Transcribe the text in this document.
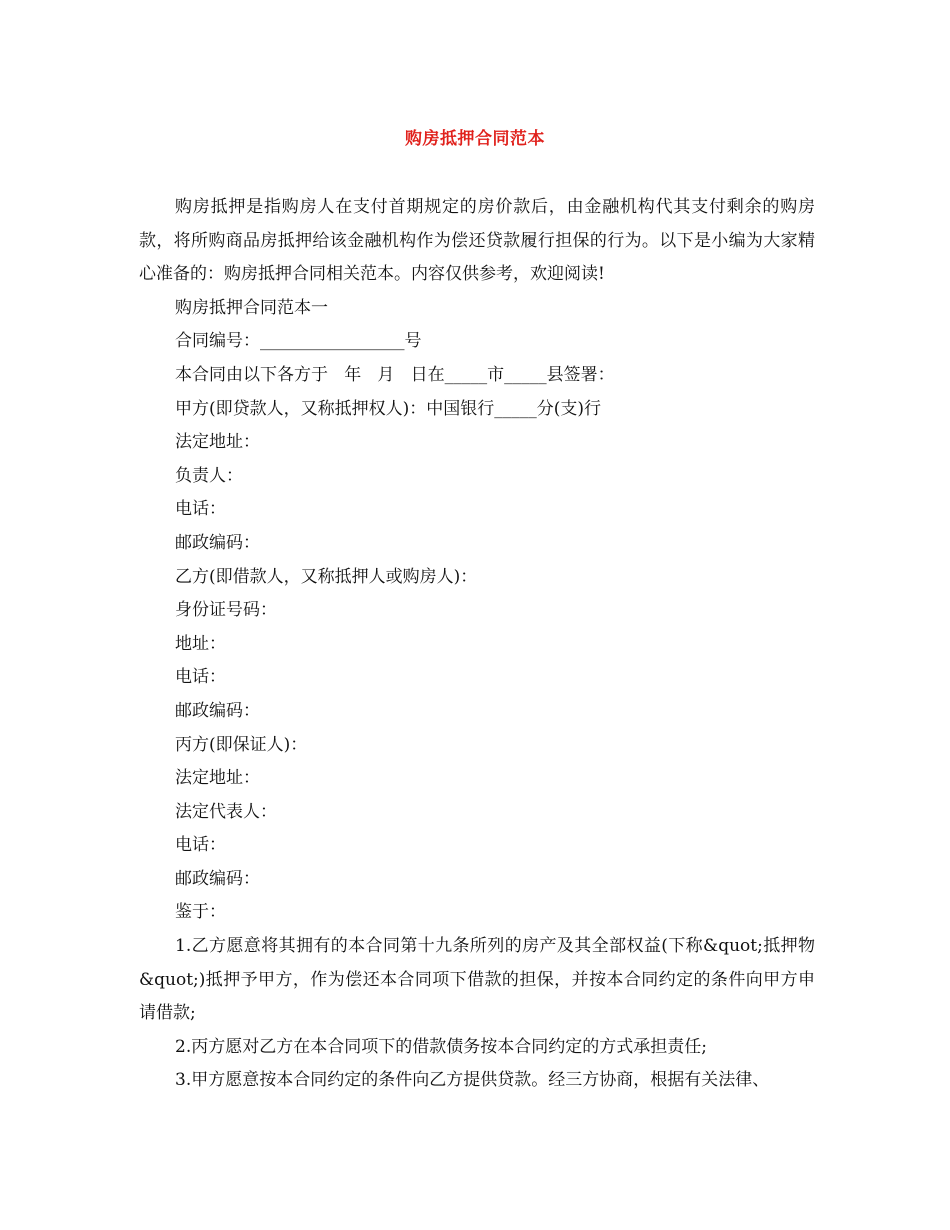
购房抵押合同范本

购房抵押是指购房人在支付首期规定的房价款后，由金融机构代其支付剩余的购房款，将所购商品房抵押给该金融机构作为偿还贷款履行担保的行为。以下是小编为大家精心准备的：购房抵押合同相关范本。内容仅供参考，欢迎阅读!

购房抵押合同范本一

合同编号：_________________号

本合同由以下各方于   年   月   日在_____市_____县签署：

甲方(即贷款人，又称抵押权人)：中国银行_____分(支)行

法定地址：

负责人：

电话：

邮政编码：

乙方(即借款人，又称抵押人或购房人)：

身份证号码：

地址：

电话：

邮政编码：

丙方(即保证人)：

法定地址：

法定代表人：

电话：

邮政编码：

鉴于：

1.乙方愿意将其拥有的本合同第十九条所列的房产及其全部权益(下称&quot;抵押物&quot;)抵押予甲方，作为偿还本合同项下借款的担保，并按本合同约定的条件向甲方申请借款;

2.丙方愿对乙方在本合同项下的借款债务按本合同约定的方式承担责任;

3.甲方愿意按本合同约定的条件向乙方提供贷款。经三方协商，根据有关法律、
